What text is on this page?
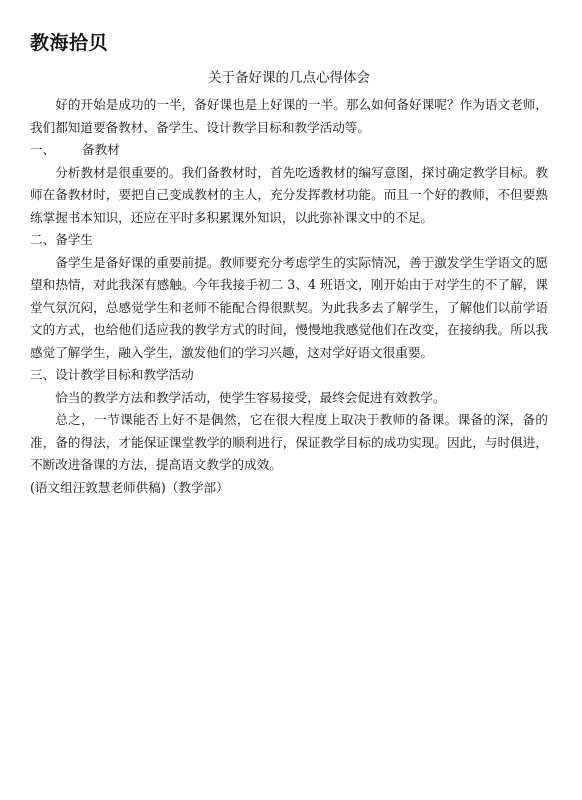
教海拾贝
关于备好课的几点心得体会

好的开始是成功的一半，备好课也是上好课的一半。那么如何备好课呢？作为语文老师，我们都知道要备教材、备学生、设计教学目标和教学活动等。

一、 备教材

分析教材是很重要的。我们备教材时，首先吃透教材的编写意图，探讨确定教学目标。教师在备教材时，要把自己变成教材的主人，充分发挥教材功能。而且一个好的教师，不但要熟练掌握书本知识，还应在平时多积累课外知识，以此弥补课文中的不足。

二、备学生

备学生是备好课的重要前提。教师要充分考虑学生的实际情况，善于激发学生学语文的愿望和热情，对此我深有感触。今年我接手初二 3、4 班语文，刚开始由于对学生的不了解，课堂气氛沉闷，总感觉学生和老师不能配合得很默契。为此我多去了解学生，了解他们以前学语文的方式，也给他们适应我的教学方式的时间，慢慢地我感觉他们在改变，在接纳我。所以我感觉了解学生，融入学生，激发他们的学习兴趣，这对学好语文很重要。

三、设计教学目标和教学活动

恰当的教学方法和教学活动，使学生容易接受，最终会促进有效教学。

总之，一节课能否上好不是偶然，它在很大程度上取决于教师的备课。课备的深，备的准，备的得法，才能保证课堂教学的顺利进行，保证教学目标的成功实现。因此，与时俱进，不断改进备课的方法，提高语文教学的成效。

(语文组汪敦慧老师供稿)（教学部）
